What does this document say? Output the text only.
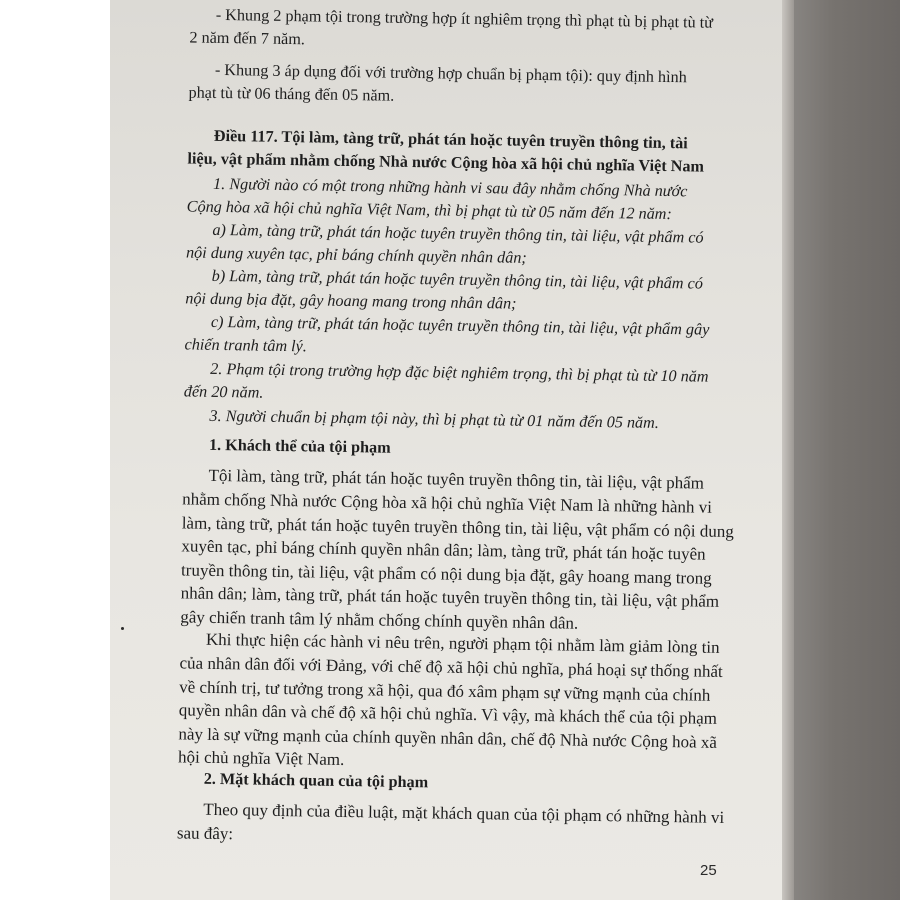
- Khung 2 phạm tội trong trường hợp ít nghiêm trọng thì phạt tù bị phạt tù từ
2 năm đến 7 năm.
- Khung 3 áp dụng đối với trường hợp chuẩn bị phạm tội): quy định hình
phạt tù từ 06 tháng đến 05 năm.
Điều 117. Tội làm, tàng trữ, phát tán hoặc tuyên truyền thông tin, tài
liệu, vật phẩm nhằm chống Nhà nước Cộng hòa xã hội chủ nghĩa Việt Nam
1. Người nào có một trong những hành vi sau đây nhằm chống Nhà nước
Cộng hòa xã hội chủ nghĩa Việt Nam, thì bị phạt tù từ 05 năm đến 12 năm:
a) Làm, tàng trữ, phát tán hoặc tuyên truyền thông tin, tài liệu, vật phẩm có
nội dung xuyên tạc, phỉ báng chính quyền nhân dân;
b) Làm, tàng trữ, phát tán hoặc tuyên truyền thông tin, tài liệu, vật phẩm có
nội dung bịa đặt, gây hoang mang trong nhân dân;
c) Làm, tàng trữ, phát tán hoặc tuyên truyền thông tin, tài liệu, vật phẩm gây
chiến tranh tâm lý.
2. Phạm tội trong trường hợp đặc biệt nghiêm trọng, thì bị phạt tù từ 10 năm
đến 20 năm.
3. Người chuẩn bị phạm tội này, thì bị phạt tù từ 01 năm đến 05 năm.
1. Khách thể của tội phạm
Tội làm, tàng trữ, phát tán hoặc tuyên truyền thông tin, tài liệu, vật phẩm
nhằm chống Nhà nước Cộng hòa xã hội chủ nghĩa Việt Nam là những hành vi
làm, tàng trữ, phát tán hoặc tuyên truyền thông tin, tài liệu, vật phẩm có nội dung
xuyên tạc, phỉ báng chính quyền nhân dân; làm, tàng trữ, phát tán hoặc tuyên
truyền thông tin, tài liệu, vật phẩm có nội dung bịa đặt, gây hoang mang trong
nhân dân; làm, tàng trữ, phát tán hoặc tuyên truyền thông tin, tài liệu, vật phẩm
gây chiến tranh tâm lý nhằm chống chính quyền nhân dân.
Khi thực hiện các hành vi nêu trên, người phạm tội nhằm làm giảm lòng tin
của nhân dân đối với Đảng, với chế độ xã hội chủ nghĩa, phá hoại sự thống nhất
về chính trị, tư tưởng trong xã hội, qua đó xâm phạm sự vững mạnh của chính
quyền nhân dân và chế độ xã hội chủ nghĩa. Vì vậy, mà khách thể của tội phạm
này là sự vững mạnh của chính quyền nhân dân, chế độ Nhà nước Cộng hoà xã
hội chủ nghĩa Việt Nam.
2. Mặt khách quan của tội phạm
Theo quy định của điều luật, mặt khách quan của tội phạm có những hành vi
sau đây:
25
